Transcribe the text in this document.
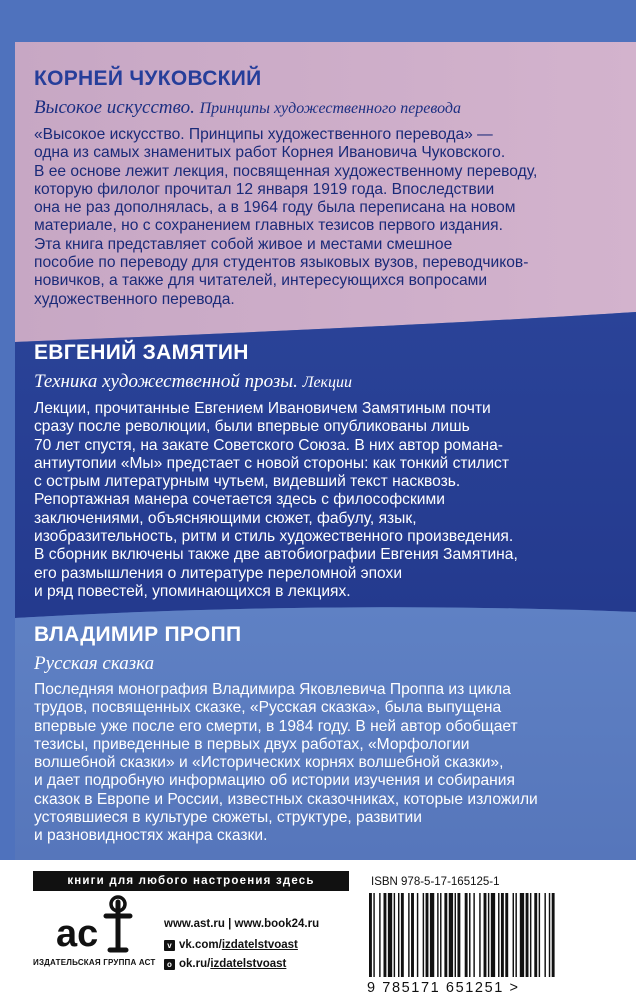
КОРНЕЙ ЧУКОВСКИЙ
Высокое искусство. Принципы художественного перевода
«Высокое искусство. Принципы художественного перевода» —
одна из самых знаменитых работ Корнея Ивановича Чуковского.
В ее основе лежит лекция, посвященная художественному переводу,
которую филолог прочитал 12 января 1919 года. Впоследствии
она не раз дополнялась, а в 1964 году была переписана на новом
материале, но с сохранением главных тезисов первого издания.
Эта книга представляет собой живое и местами смешное
пособие по переводу для студентов языковых вузов, переводчиков-
новичков, а также для читателей, интересующихся вопросами
художественного перевода.
ЕВГЕНИЙ ЗАМЯТИН
Техника художественной прозы. Лекции
Лекции, прочитанные Евгением Ивановичем Замятиным почти
сразу после революции, были впервые опубликованы лишь
70 лет спустя, на закате Советского Союза. В них автор романа-
антиутопии «Мы» предстает с новой стороны: как тонкий стилист
с острым литературным чутьем, видевший текст насквозь.
Репортажная манера сочетается здесь с философскими
заключениями, объясняющими сюжет, фабулу, язык,
изобразительность, ритм и стиль художественного произведения.
В сборник включены также две автобиографии Евгения Замятина,
его размышления о литературе переломной эпохи
и ряд повестей, упоминающихся в лекциях.
ВЛАДИМИР ПРОПП
Русская сказка
Последняя монография Владимира Яковлевича Проппа из цикла
трудов, посвященных сказке, «Русская сказка», была выпущена
впервые уже после его смерти, в 1984 году. В ней автор обобщает
тезисы, приведенные в первых двух работах, «Морфологии
волшебной сказки» и «Исторических корнях волшебной сказки»,
и дает подробную информацию об истории изучения и собирания
сказок в Европе и России, известных сказочниках, которые изложили
устоявшиеся в культуре сюжеты, структуре, развитии
и разновидностях жанра сказки.
книги для любого настроения здесь
ac
ИЗДАТЕЛЬСКАЯ ГРУППА АСТ
www.ast.ru | www.book24.ru
v vk.com/ izdatelstvoast
o ok.ru/ izdatelstvoast
ISBN 978-5-17-165125-1
9 785171 651251 >
